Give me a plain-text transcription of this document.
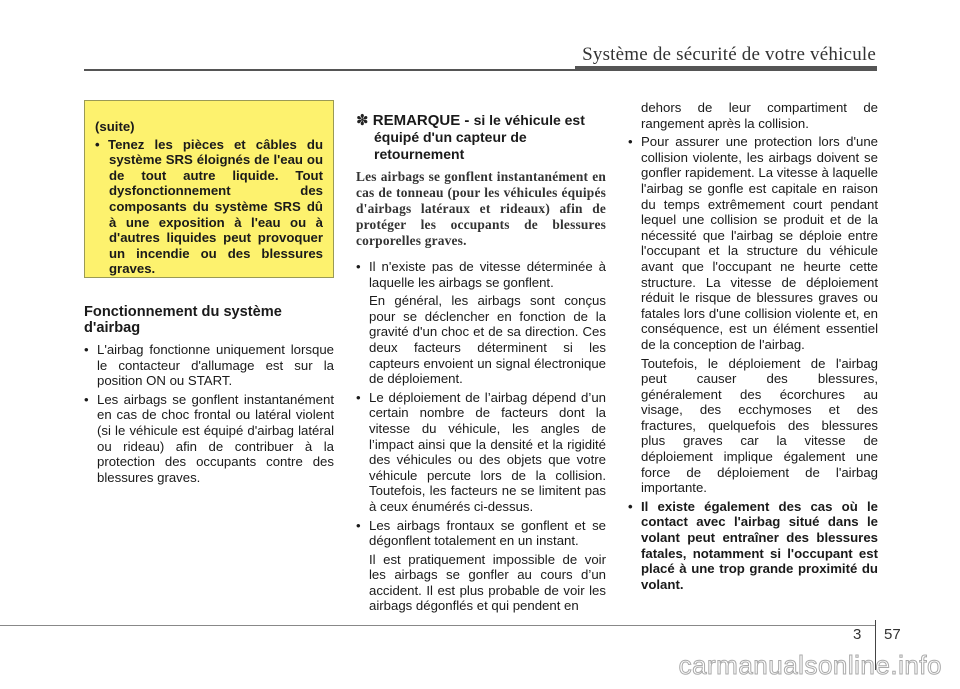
Système de sécurité de votre véhicule
(suite)
• Tenez les pièces et câbles du système SRS éloignés de l'eau ou de tout autre liquide. Tout dysfonctionnement des composants du système SRS dû à une exposition à l'eau ou à d'autres liquides peut provoquer un incendie ou des blessures graves.
Fonctionnement du système d'airbag
• L'airbag fonctionne uniquement lorsque le contacteur d'allumage est sur la position ON ou START.
• Les airbags se gonflent instantanément en cas de choc frontal ou latéral violent (si le véhicule est équipé d'airbag latéral ou rideau) afin de contribuer à la protection des occupants contre des blessures graves.
✽ REMARQUE - si le véhicule est équipé d'un capteur de retournement
Les airbags se gonflent instantanément en cas de tonneau (pour les véhicules équipés d'airbags latéraux et rideaux) afin de protéger les occupants de blessures corporelles graves.
• Il n'existe pas de vitesse déterminée à laquelle les airbags se gonflent.
En général, les airbags sont conçus pour se déclencher en fonction de la gravité d'un choc et de sa direction. Ces deux facteurs déterminent si les capteurs envoient un signal électronique de déploiement.
• Le déploiement de l’airbag dépend d’un certain nombre de facteurs dont la vitesse du véhicule, les angles de l’impact ainsi que la densité et la rigidité des véhicules ou des objets que votre véhicule percute lors de la collision. Toutefois, les facteurs ne se limitent pas à ceux énumérés ci-dessus.
• Les airbags frontaux se gonflent et se dégonflent totalement en un instant.
Il est pratiquement impossible de voir les airbags se gonfler au cours d’un accident. Il est plus probable de voir les airbags dégonflés et qui pendent en
dehors de leur compartiment de rangement après la collision.
• Pour assurer une protection lors d'une collision violente, les airbags doivent se gonfler rapidement. La vitesse à laquelle l'airbag se gonfle est capitale en raison du temps extrêmement court pendant lequel une collision se produit et de la nécessité que l'airbag se déploie entre l'occupant et la structure du véhicule avant que l'occupant ne heurte cette structure. La vitesse de déploiement réduit le risque de blessures graves ou fatales lors d'une collision violente et, en conséquence, est un élément essentiel de la conception de l'airbag.
Toutefois, le déploiement de l'airbag peut causer des blessures, généralement des écorchures au visage, des ecchymoses et des fractures, quelquefois des blessures plus graves car la vitesse de déploiement implique également une force de déploiement de l'airbag importante.
• Il existe également des cas où le contact avec l'airbag situé dans le volant peut entraîner des blessures fatales, notamment si l'occupant est placé à une trop grande proximité du volant.
3 57
carmanualsonline.info
